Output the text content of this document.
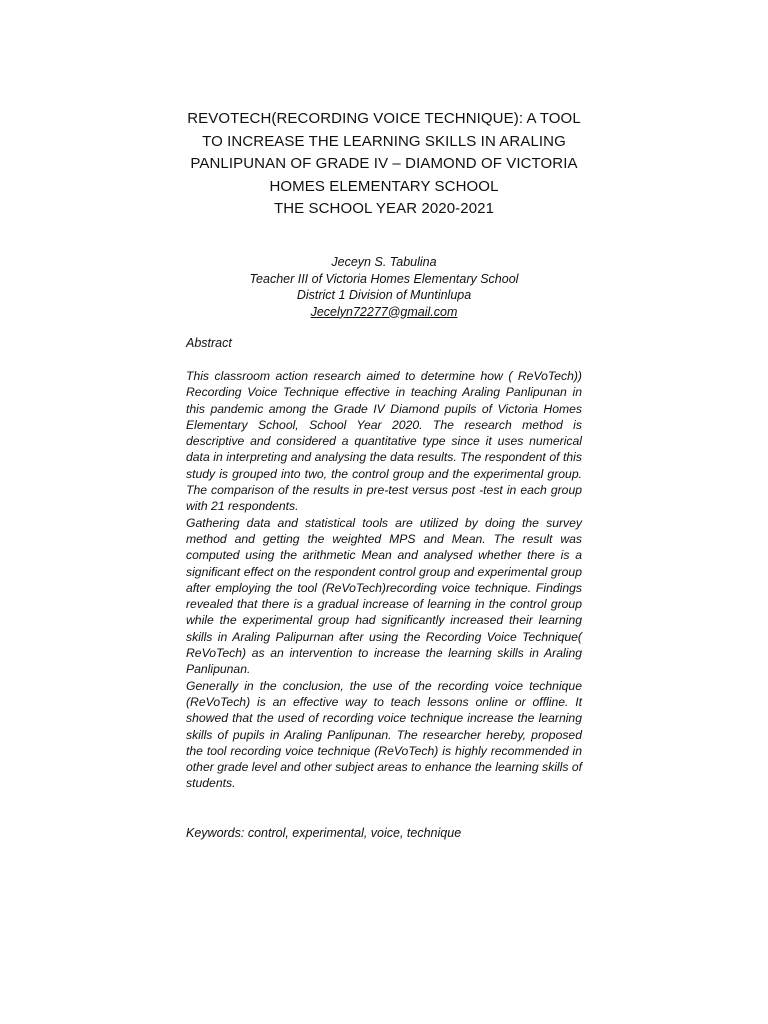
REVOTECH(RECORDING VOICE TECHNIQUE): A TOOL
TO INCREASE THE LEARNING SKILLS IN ARALING
PANLIPUNAN OF GRADE IV – DIAMOND OF VICTORIA
HOMES ELEMENTARY SCHOOL
THE SCHOOL YEAR 2020-2021
Jeceyn S. Tabulina
Teacher III of Victoria Homes Elementary School
District 1 Division of Muntinlupa
Jecelyn72277@gmail.com
Abstract

This classroom action research aimed to determine how ( ReVoTech)) Recording Voice Technique effective in teaching Araling Panlipunan in this pandemic among the Grade IV Diamond pupils of Victoria Homes Elementary School, School Year 2020. The research method is descriptive and considered a quantitative type since it uses numerical data in interpreting and analysing the data results. The respondent of this study is grouped into two, the control group and the experimental group. The comparison of the results in pre-test versus post -test in each group with 21 respondents.

Gathering data and statistical tools are utilized by doing the survey method and getting the weighted MPS and Mean. The result was computed using the arithmetic Mean and analysed whether there is a significant effect on the respondent control group and experimental group after employing the tool (ReVoTech)recording voice technique. Findings revealed that there is a gradual increase of learning in the control group while the experimental group had significantly increased their learning skills in Araling Palipurnan after using the Recording Voice Technique( ReVoTech) as an intervention to increase the learning skills in Araling Panlipunan.

Generally in the conclusion, the use of the recording voice technique (ReVoTech) is an effective way to teach lessons online or offline. It showed that the used of recording voice technique increase the learning skills of pupils in Araling Panlipunan. The researcher hereby, proposed the tool recording voice technique (ReVoTech) is highly recommended in other grade level and other subject areas to enhance the learning skills of students.

Keywords: control, experimental, voice, technique
